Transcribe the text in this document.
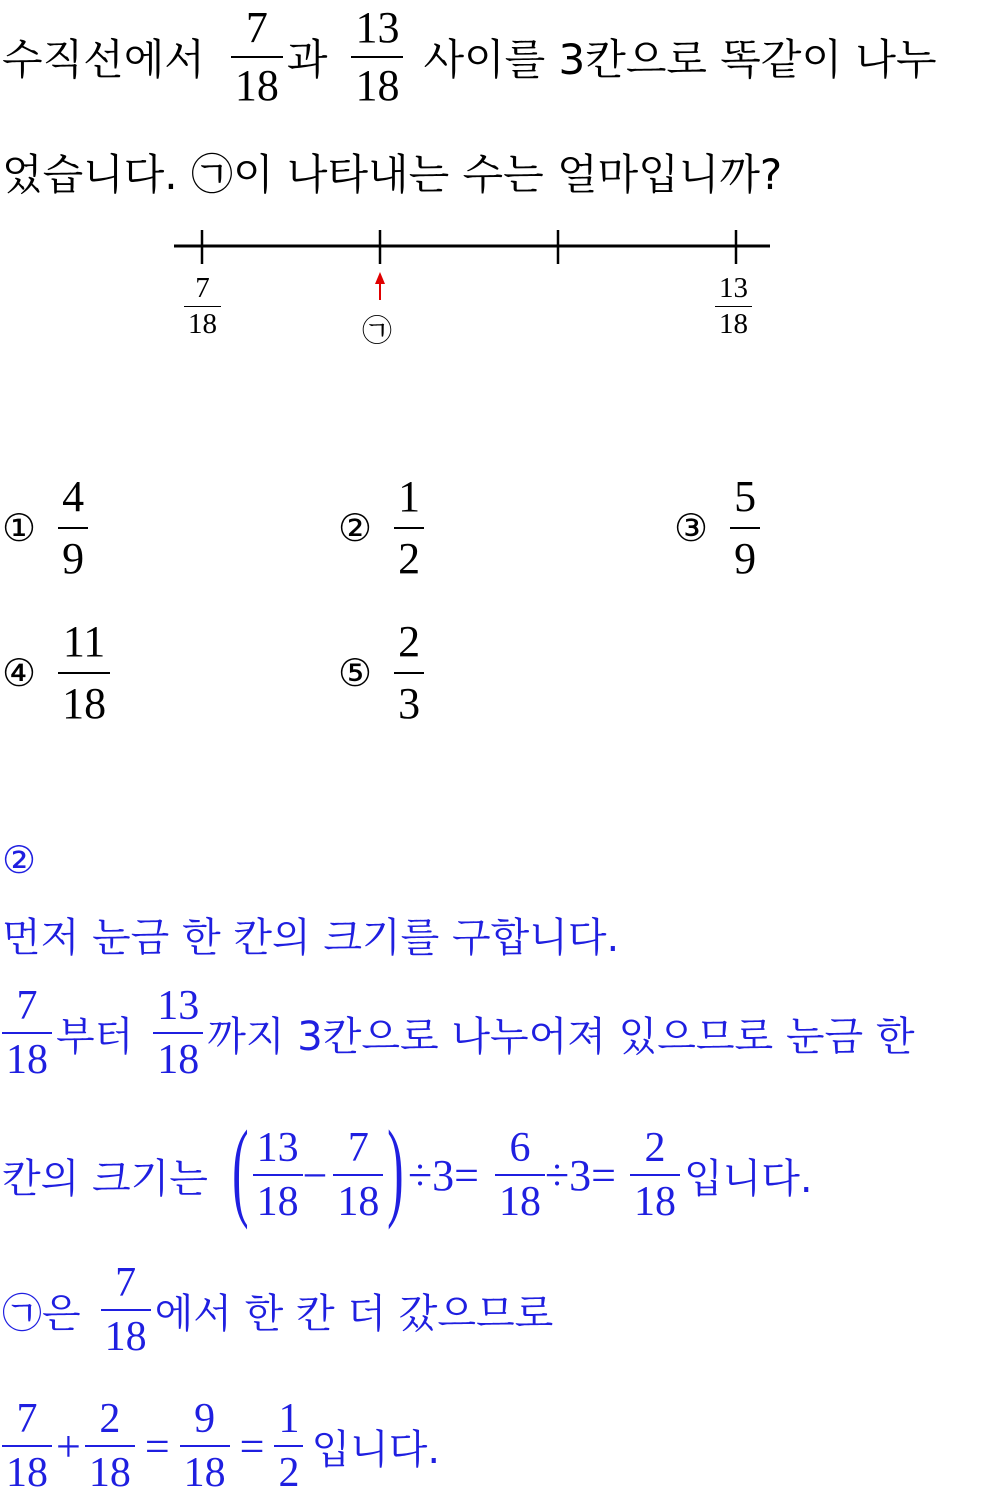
수직선에서 $\frac{7}{18}$ 과 $\frac{13}{18}$ 사이를 3칸으로 똑같이 나누
었습니다. ㉠이 나타내는 수는 얼마입니까?
7
18
13
18
㉠
① $\frac{4}{9}$	② $\frac{1}{2}$	③ $\frac{5}{9}$
④ $\frac{11}{18}$	⑤ $\frac{2}{3}$
②
먼저 눈금 한 칸의 크기를 구합니다.
$\frac{7}{18}$ 부터 $\frac{13}{18}$ 까지 3칸으로 나누어져 있으므로 눈금 한
칸의 크기는 ( $\frac{13}{18} - \frac{7}{18}$ ) $\div 3= \frac{6}{18} \div 3= \frac{2}{18}$ 입니다.
㉠은 $\frac{7}{18}$ 에서 한 칸 더 갔으므로
$\frac{7}{18} + \frac{2}{18} = \frac{9}{18} = \frac{1}{2}$ 입니다.
